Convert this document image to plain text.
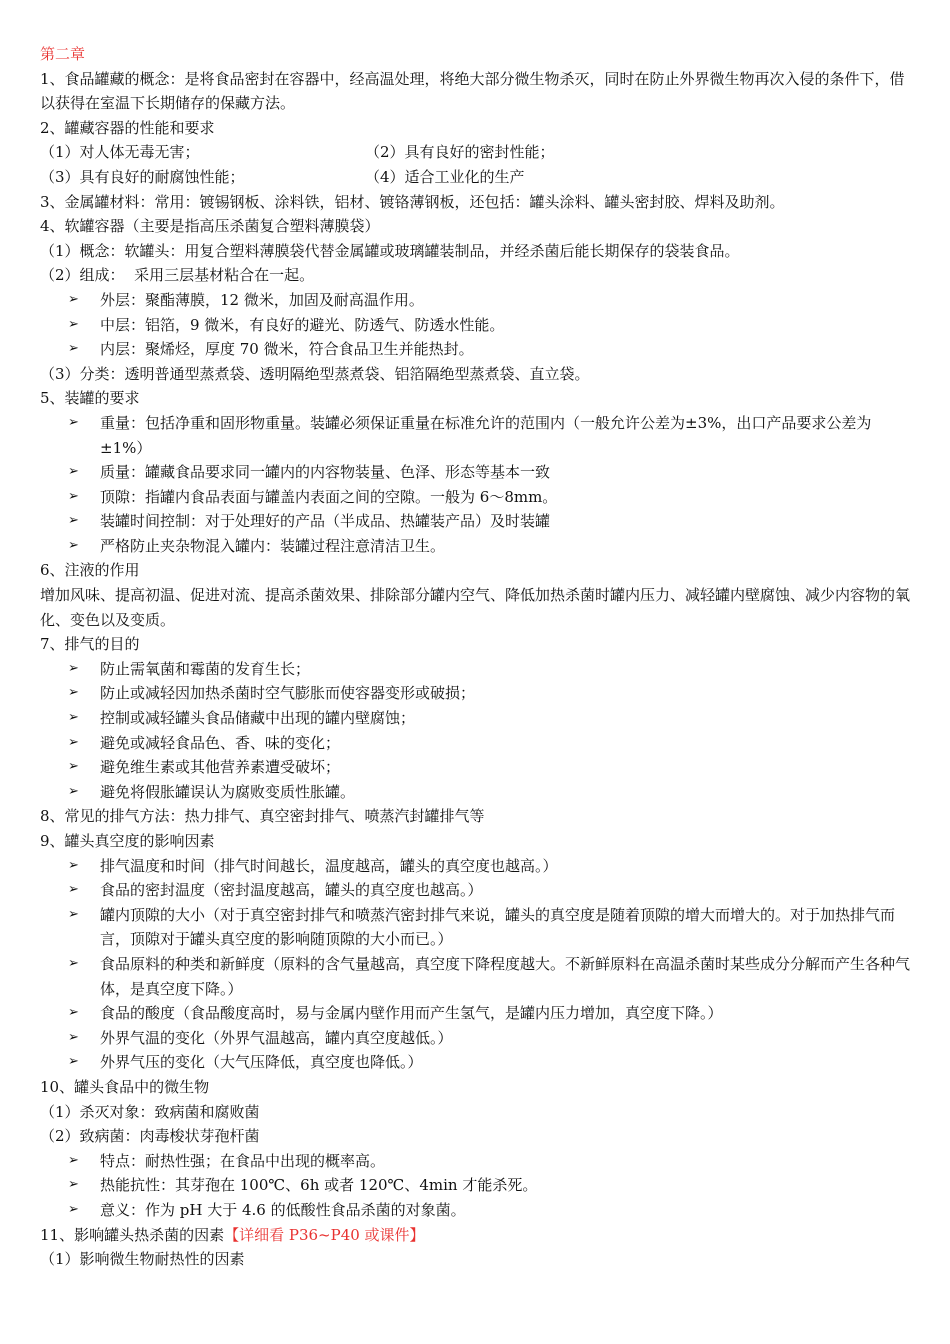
第二章
1、食品罐藏的概念：是将食品密封在容器中，经高温处理，将绝大部分微生物杀灭，同时在防止外界微生物再次入侵的条件下，借以获得在室温下长期储存的保藏方法。
2、罐藏容器的性能和要求
（1）对人体无毒无害；	（2）具有良好的密封性能；
（3）具有良好的耐腐蚀性能；	（4）适合工业化的生产
3、金属罐材料：常用：镀锡钢板、涂料铁，铝材、镀铬薄钢板，还包括：罐头涂料、罐头密封胶、焊料及助剂。
4、软罐容器（主要是指高压杀菌复合塑料薄膜袋）
（1）概念：软罐头：用复合塑料薄膜袋代替金属罐或玻璃罐装制品，并经杀菌后能长期保存的袋装食品。
（2）组成：  采用三层基材粘合在一起。
➢	外层：聚酯薄膜，12 微米，加固及耐高温作用。
➢	中层：铝箔，9 微米，有良好的避光、防透气、防透水性能。
➢	内层：聚烯烃，厚度 70 微米，符合食品卫生并能热封。
（3）分类：透明普通型蒸煮袋、透明隔绝型蒸煮袋、铝箔隔绝型蒸煮袋、直立袋。
5、装罐的要求
➢	重量：包括净重和固形物重量。装罐必须保证重量在标准允许的范围内（一般允许公差为±3%，出口产品要求公差为±1%）
➢	质量：罐藏食品要求同一罐内的内容物装量、色泽、形态等基本一致
➢	顶隙：指罐内食品表面与罐盖内表面之间的空隙。一般为 6～8mm。
➢	装罐时间控制：对于处理好的产品（半成品、热罐装产品）及时装罐
➢	严格防止夹杂物混入罐内：装罐过程注意清洁卫生。
6、注液的作用
增加风味、提高初温、促进对流、提高杀菌效果、排除部分罐内空气、降低加热杀菌时罐内压力、减轻罐内壁腐蚀、减少内容物的氧化、变色以及变质。
7、排气的目的
➢	防止需氧菌和霉菌的发育生长；
➢	防止或减轻因加热杀菌时空气膨胀而使容器变形或破损；
➢	控制或减轻罐头食品储藏中出现的罐内壁腐蚀；
➢	避免或减轻食品色、香、味的变化；
➢	避免维生素或其他营养素遭受破坏；
➢	避免将假胀罐误认为腐败变质性胀罐。
8、常见的排气方法：热力排气、真空密封排气、喷蒸汽封罐排气等
9、罐头真空度的影响因素
➢	排气温度和时间（排气时间越长，温度越高，罐头的真空度也越高。）
➢	食品的密封温度（密封温度越高，罐头的真空度也越高。）
➢	罐内顶隙的大小（对于真空密封排气和喷蒸汽密封排气来说，罐头的真空度是随着顶隙的增大而增大的。对于加热排气而言，顶隙对于罐头真空度的影响随顶隙的大小而已。）
➢	食品原料的种类和新鲜度（原料的含气量越高，真空度下降程度越大。不新鲜原料在高温杀菌时某些成分分解而产生各种气体，是真空度下降。）
➢	食品的酸度（食品酸度高时，易与金属内壁作用而产生氢气，是罐内压力增加，真空度下降。）
➢	外界气温的变化（外界气温越高，罐内真空度越低。）
➢	外界气压的变化（大气压降低，真空度也降低。）
10、罐头食品中的微生物
（1）杀灭对象：致病菌和腐败菌
（2）致病菌：肉毒梭状芽孢杆菌
➢	特点：耐热性强；在食品中出现的概率高。
➢	热能抗性：其芽孢在 100℃、6h 或者 120℃、4min 才能杀死。
➢	意义：作为 pH 大于 4.6 的低酸性食品杀菌的对象菌。
11、影响罐头热杀菌的因素【详细看 P36~P40 或课件】
（1）影响微生物耐热性的因素
